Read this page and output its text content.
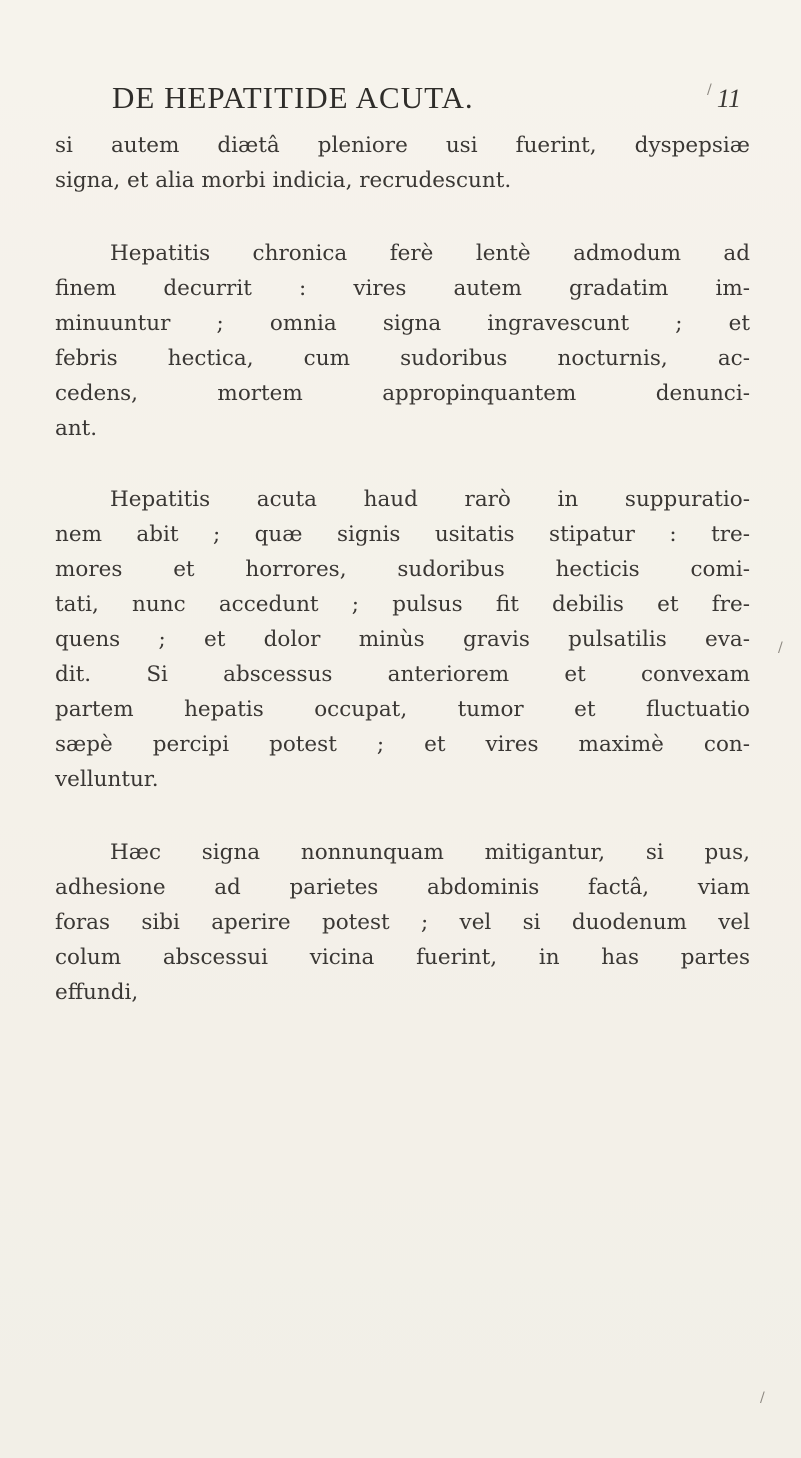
DE HEPATITIDE ACUTA.	11

si autem diætâ pleniore usi fuerint, dyspepsiæ
signa, et alia morbi indicia, recrudescunt.

Hepatitis chronica ferè lentè admodum ad
finem decurrit : vires autem gradatim im-
minuuntur ; omnia signa ingravescunt ; et
febris hectica, cum sudoribus nocturnis, ac-
cedens, mortem appropinquantem denunci-
ant.

Hepatitis acuta haud rarò in suppuratio-
nem abit ; quæ signis usitatis stipatur : tre-
mores et horrores, sudoribus hecticis comi-
tati, nunc accedunt ; pulsus fit debilis et fre-
quens ; et dolor minùs gravis pulsatilis eva-
dit. Si abscessus anteriorem et convexam
partem hepatis occupat, tumor et fluctuatio
sæpè percipi potest ; et vires maximè con-
velluntur.

Hæc signa nonnunquam mitigantur, si pus,
adhesione ad parietes abdominis factâ, viam
foras sibi aperire potest ; vel si duodenum vel
colum abscessui vicina fuerint, in has partes

effundi,
/
/
/
